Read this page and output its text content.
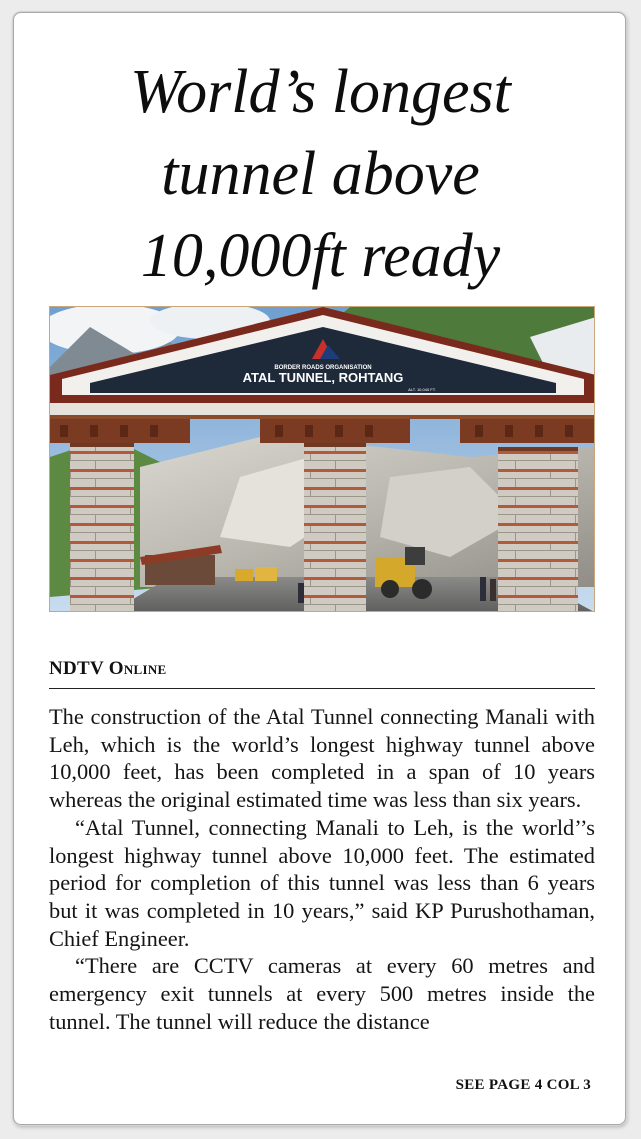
World’s longest
tunnel above
10,000ft ready
BORDER ROADS ORGANISATION
ATAL TUNNEL, ROHTANG
ALT. 10,040 FT.
NDTV Online

The construction of the Atal Tunnel connecting Manali with Leh, which is the world’s longest highway tunnel above 10,000 feet, has been completed in a span of 10 years whereas the original estimated time was less than six years.

“Atal Tunnel, connecting Manali to Leh, is the world’’s longest highway tunnel above 10,000 feet. The estimated period for completion of this tunnel was less than 6 years but it was completed in 10 years,” said KP Purushothaman, Chief Engineer.

“There are CCTV cameras at every 60 metres and emergency exit tunnels at every 500 metres inside the tunnel. The tunnel will reduce the distance

SEE PAGE 4 COL 3
